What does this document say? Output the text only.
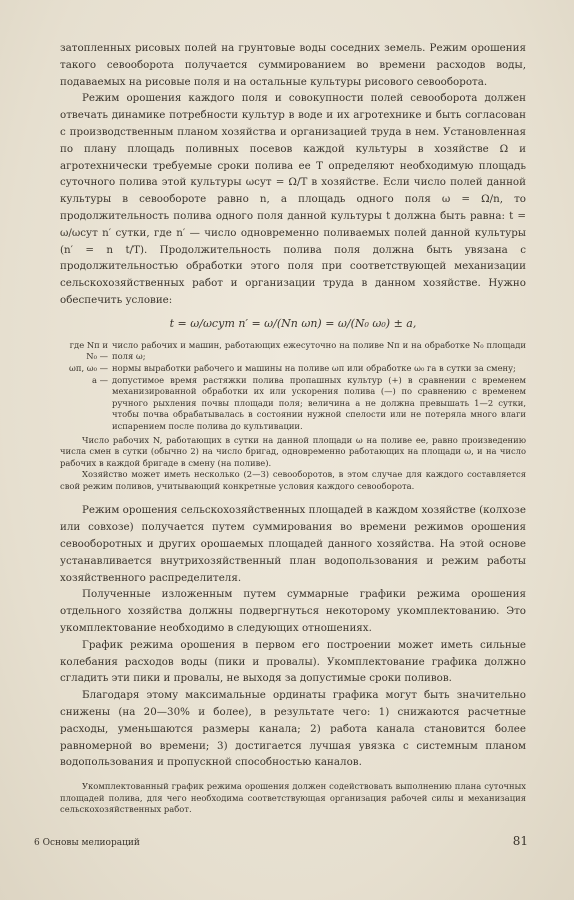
затопленных рисовых полей на грунтовые воды соседних земель. Режим орошения такого севооборота получается суммированием во времени расходов воды, подаваемых на рисовые поля и на остальные культуры рисового севооборота.

Режим орошения каждого поля и совокупности полей севооборота должен отвечать динамике потребности культур в воде и их агротехнике и быть согласован с производственным планом хозяйства и организацией труда в нем. Установленная по плану площадь поливных посевов каждой культуры в хозяйстве Ω и агротехнически требуемые сроки полива ее T определяют необходимую площадь суточного полива этой культуры ωсут = Ω/T в хозяйстве. Если число полей данной культуры в севообороте равно n, а площадь одного поля ω = Ω/n, то продолжительность полива одного поля данной культуры t должна быть равна: t = ω/ωсут n′ сутки, где n′ — число одновременно поливаемых полей данной культуры (n′ = n t/T). Продолжительность полива поля должна быть увязана с продолжительностью обработки этого поля при соответствующей механизации сельскохозяйственных работ и организации труда в данном хозяйстве. Нужно обеспечить условие:

t = ω/ωсут n′ = ω/(Nп ωп) = ω/(N₀ ω₀) ± a,
где Nп и N₀ —
число рабочих и машин, работающих ежесуточно на поливе Nп и на обработке N₀ площади поля ω;
ωп, ω₀ — нормы выработки рабочего и машины на поливе ωп или обработке ω₀ га в сутки за смену;
a — допустимое время растяжки полива пропашных культур (+) в сравнении с временем механизированной обработки их или ускорения полива (—) по сравнению с временем ручного рыхления почвы площади поля; величина a не должна превышать 1—2 сутки, чтобы почва обрабатывалась в состоянии нужной спелости или не потеряла много влаги испарением после полива до культивации.

Число рабочих N, работающих в сутки на данной площади ω на поливе ее, равно произведению числа смен в сутки (обычно 2) на число бригад, одновременно работающих на площади ω, и на число рабочих в каждой бригаде в смену (на поливе).

Хозяйство может иметь несколько (2—3) севооборотов, в этом случае для каждого составляется свой режим поливов, учитывающий конкретные условия каждого севооборота.

Режим орошения сельскохозяйственных площадей в каждом хозяйстве (колхозе или совхозе) получается путем суммирования во времени режимов орошения севооборотных и других орошаемых площадей данного хозяйства. На этой основе устанавливается внутрихозяйственный план водопользования и режим работы хозяйственного распределителя.

Полученные изложенным путем суммарные графики режима орошения отдельного хозяйства должны подвергнуться некоторому укомплектованию. Это укомплектование необходимо в следующих отношениях.

График режима орошения в первом его построении может иметь сильные колебания расходов воды (пики и провалы). Укомплектование графика должно сгладить эти пики и провалы, не выходя за допустимые сроки поливов.

Благодаря этому максимальные ординаты графика могут быть значительно снижены (на 20—30% и более), в результате чего: 1) снижаются расчетные расходы, уменьшаются размеры канала; 2) работа канала становится более равномерной во времени; 3) достигается лучшая увязка с системным планом водопользования и пропускной способностью каналов.

Укомплектованный график режима орошения должен содействовать выполнению плана суточных площадей полива, для чего необходима соответствующая организация рабочей силы и механизация сельскохозяйственных работ.

6 Основы мелиораций	81
